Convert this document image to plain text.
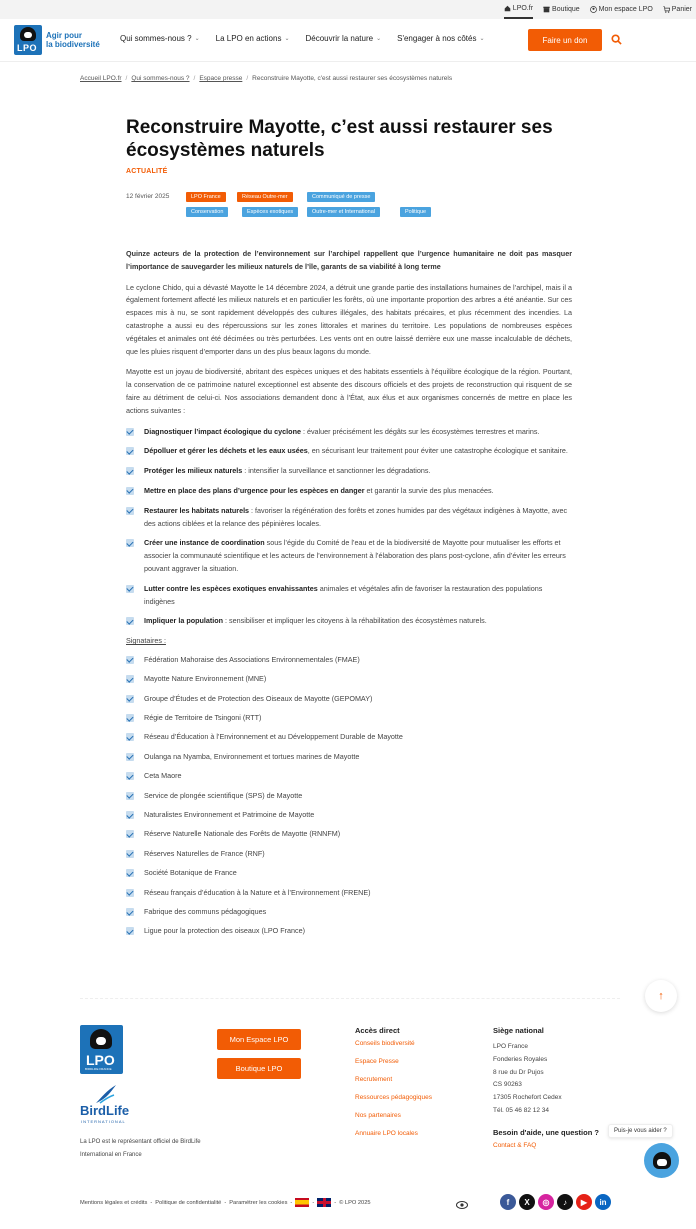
LPO.fr	Boutique	Mon espace LPO	Panier
LPO
Agir pour
la biodiversité
Qui sommes-nous ? ⌄ La LPO en actions ⌄ Découvrir la nature ⌄ S'engager à nos côtés ⌄	Faire un don
Accueil LPO.fr / Qui sommes-nous ? / Espace presse / Reconstruire Mayotte, c'est aussi restaurer ses écosystèmes naturels
Reconstruire Mayotte, c’est aussi restaurer ses écosystèmes naturels
ACTUALITÉ
12 février 2025	LPO France	Réseau Outre-mer	Communiqué de presse
Conservation	Espèces exotiques	Outre-mer et International	Politique

Quinze acteurs de la protection de l’environnement sur l’archipel rappellent que l’urgence humanitaire ne doit pas masquer l’importance de sauvegarder les milieux naturels de l’île, garants de sa viabilité à long terme

Le cyclone Chido, qui a dévasté Mayotte le 14 décembre 2024, a détruit une grande partie des installations humaines de l’archipel, mais il a également fortement affecté les milieux naturels et en particulier les forêts, où une importante proportion des arbres a été anéantie. Sur ces espaces mis à nu, se sont rapidement développés des cultures illégales, des habitats précaires, et plus récemment des incendies. La catastrophe a aussi eu des répercussions sur les zones littorales et marines du territoire. Les populations de nombreuses espèces végétales et animales ont été décimées ou très perturbées. Les vents ont en outre laissé derrière eux une masse incalculable de déchets, que les pluies risquent d’emporter dans un des plus beaux lagons du monde.

Mayotte est un joyau de biodiversité, abritant des espèces uniques et des habitats essentiels à l’équilibre écologique de la région. Pourtant, la conservation de ce patrimoine naturel exceptionnel est absente des discours officiels et des projets de reconstruction qui risquent de se faire au détriment de celui-ci. Nos associations demandent donc à l’État, aux élus et aux organismes concernés de mettre en place les actions suivantes :

Diagnostiquer l’impact écologique du cyclone : évaluer précisément les dégâts sur les écosystèmes terrestres et marins.
Dépolluer et gérer les déchets et les eaux usées, en sécurisant leur traitement pour éviter une catastrophe écologique et sanitaire.
Protéger les milieux naturels : intensifier la surveillance et sanctionner les dégradations.
Mettre en place des plans d’urgence pour les espèces en danger et garantir la survie des plus menacées.
Restaurer les habitats naturels : favoriser la régénération des forêts et zones humides par des végétaux indigènes à Mayotte, avec des actions ciblées et la relance des pépinières locales.
Créer une instance de coordination sous l’égide du Comité de l’eau et de la biodiversité de Mayotte pour mutualiser les efforts et associer la communauté scientifique et les acteurs de l’environnement à l’élaboration des plans post-cyclone, afin d’éviter les erreurs pouvant aggraver la situation.
Lutter contre les espèces exotiques envahissantes animales et végétales afin de favoriser la restauration des populations indigènes
Impliquer la population : sensibiliser et impliquer les citoyens à la réhabilitation des écosystèmes naturels.

Signataires :

Fédération Mahoraise des Associations Environnementales (FMAE)
Mayotte Nature Environnement (MNE)
Groupe d’Études et de Protection des Oiseaux de Mayotte (GEPOMAY)
Régie de Territoire de Tsingoni (RTT)
Réseau d’Éducation à l’Environnement et au Développement Durable de Mayotte
Oulanga na Nyamba, Environnement et tortues marines de Mayotte
Ceta Maore
Service de plongée scientifique (SPS) de Mayotte
Naturalistes Environnement et Patrimoine de Mayotte
Réserve Naturelle Nationale des Forêts de Mayotte (RNNFM)
Réserves Naturelles de France (RNF)
Société Botanique de France
Réseau français d’éducation à la Nature et à l’Environnement (FRENE)
Fabrique des communs pédagogiques
Ligue pour la protection des oiseaux (LPO France)
↑
LPO
BIRDLIFE FRANCE
BirdLife
INTERNATIONAL
La LPO est le représentant officiel de BirdLife International en France
Mon Espace LPO
Boutique LPO
Accès direct
Conseils biodiversité
Espace Presse
Recrutement
Ressources pédagogiques
Nos partenaires
Annuaire LPO locales
Siège national
LPO France
Fonderies Royales
8 rue du Dr Pujos
CS 90263
17305 Rochefort Cedex
Tél. 05 46 82 12 34
Besoin d'aide, une question ?
Contact & FAQ
Puis-je vous aider ?
Mentions légales et crédits - Politique de confidentialité - Paramétrer les cookies -	-	- © LPO 2025	f X ◎ ♪ ▶ in
